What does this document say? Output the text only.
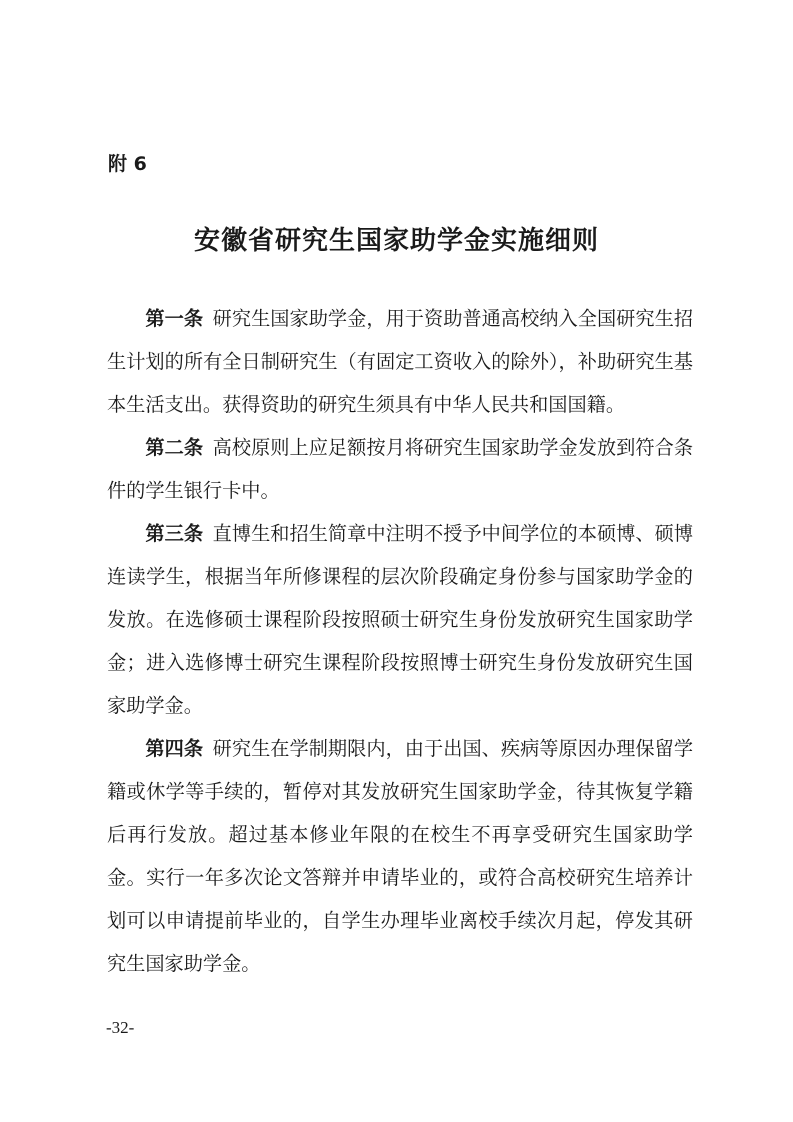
附 6
安徽省研究生国家助学金实施细则

第一条 研究生国家助学金，用于资助普通高校纳入全国研究生招生计划的所有全日制研究生（有固定工资收入的除外），补助研究生基本生活支出。获得资助的研究生须具有中华人民共和国国籍。

第二条 高校原则上应足额按月将研究生国家助学金发放到符合条件的学生银行卡中。

第三条 直博生和招生简章中注明不授予中间学位的本硕博、硕博连读学生，根据当年所修课程的层次阶段确定身份参与国家助学金的发放。在选修硕士课程阶段按照硕士研究生身份发放研究生国家助学金；进入选修博士研究生课程阶段按照博士研究生身份发放研究生国家助学金。

第四条 研究生在学制期限内，由于出国、疾病等原因办理保留学籍或休学等手续的，暂停对其发放研究生国家助学金，待其恢复学籍后再行发放。超过基本修业年限的在校生不再享受研究生国家助学金。实行一年多次论文答辩并申请毕业的，或符合高校研究生培养计划可以申请提前毕业的，自学生办理毕业离校手续次月起，停发其研究生国家助学金。

-32-
